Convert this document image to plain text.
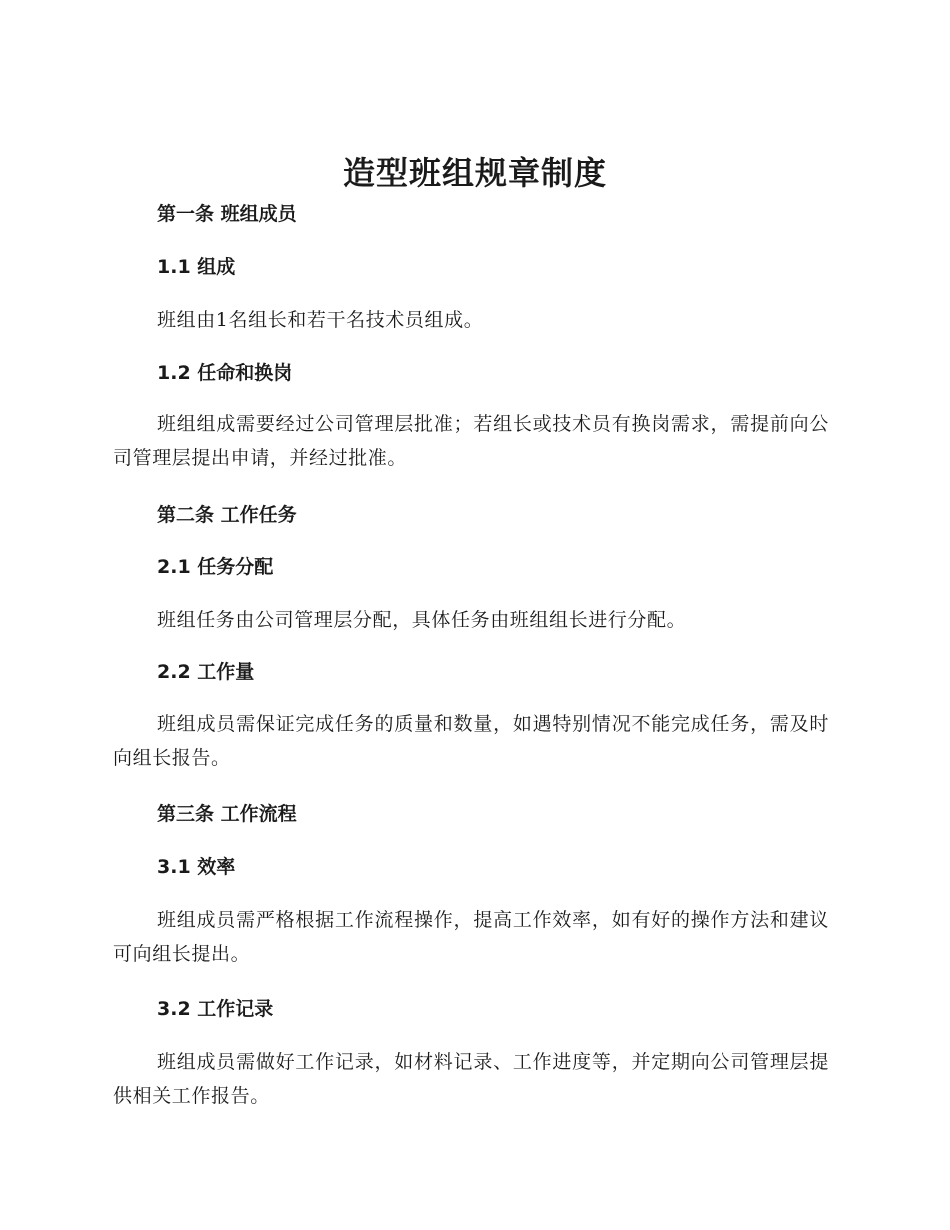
造型班组规章制度
第一条 班组成员
1.1 组成

班组由1名组长和若干名技术员组成。

1.2 任命和换岗

班组组成需要经过公司管理层批准；若组长或技术员有换岗需求，需提前向公司管理层提出申请，并经过批准。

第二条 工作任务
2.1 任务分配

班组任务由公司管理层分配，具体任务由班组组长进行分配。

2.2 工作量

班组成员需保证完成任务的质量和数量，如遇特别情况不能完成任务，需及时向组长报告。

第三条 工作流程
3.1 效率

班组成员需严格根据工作流程操作，提高工作效率，如有好的操作方法和建议可向组长提出。

3.2 工作记录

班组成员需做好工作记录，如材料记录、工作进度等，并定期向公司管理层提供相关工作报告。
